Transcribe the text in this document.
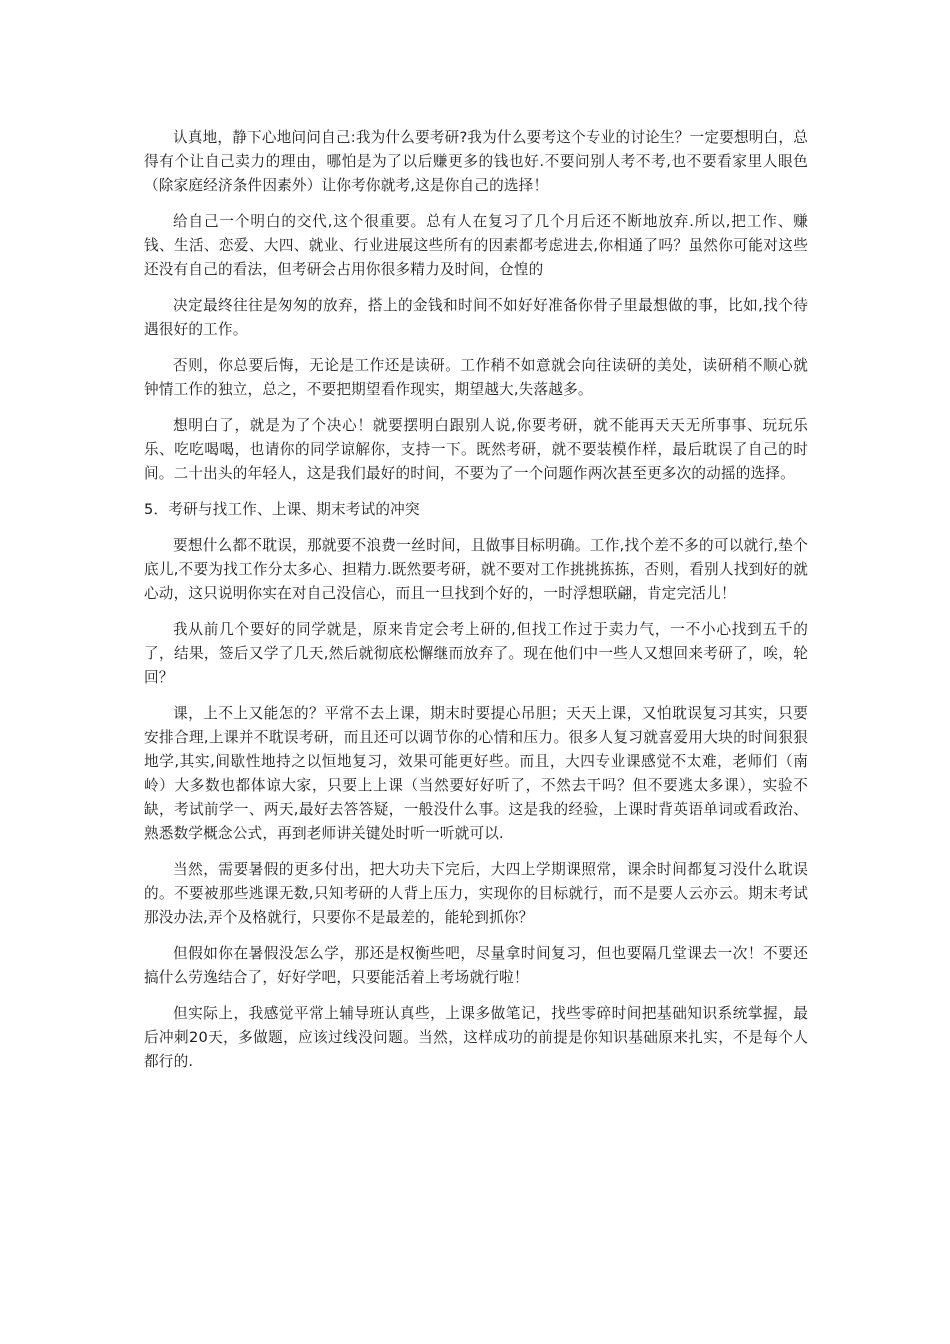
认真地，静下心地问问自己:我为什么要考研?我为什么要考这个专业的讨论生？一定要想明白，总得有个让自己卖力的理由，哪怕是为了以后赚更多的钱也好.不要问别人考不考,也不要看家里人眼色（除家庭经济条件因素外）让你考你就考,这是你自己的选择！

给自己一个明白的交代,这个很重要。总有人在复习了几个月后还不断地放弃.所以,把工作、赚钱、生活、恋爱、大四、就业、行业进展这些所有的因素都考虑进去,你相通了吗？虽然你可能对这些还没有自己的看法，但考研会占用你很多精力及时间，仓惶的

决定最终往往是匆匆的放弃，搭上的金钱和时间不如好好准备你骨子里最想做的事，比如,找个待遇很好的工作。

否则，你总要后悔，无论是工作还是读研。工作稍不如意就会向往读研的美处，读研稍不顺心就钟情工作的独立，总之，不要把期望看作现实，期望越大,失落越多。

想明白了，就是为了个决心！就要摆明白跟别人说,你要考研，就不能再天天无所事事、玩玩乐乐、吃吃喝喝，也请你的同学谅解你，支持一下。既然考研，就不要装模作样，最后耽误了自己的时间。二十出头的年轻人，这是我们最好的时间，不要为了一个问题作两次甚至更多次的动摇的选择。

5．考研与找工作、上课、期末考试的冲突

要想什么都不耽误，那就要不浪费一丝时间，且做事目标明确。工作,找个差不多的可以就行,垫个底儿,不要为找工作分太多心、担精力.既然要考研，就不要对工作挑挑拣拣，否则，看别人找到好的就心动，这只说明你实在对自己没信心，而且一旦找到个好的，一时浮想联翩，肯定完活儿！

我从前几个要好的同学就是，原来肯定会考上研的,但找工作过于卖力气，一不小心找到五千的了，结果，签后又学了几天,然后就彻底松懈继而放弃了。现在他们中一些人又想回来考研了，唉，轮回？

课，上不上又能怎的？平常不去上课，期末时要提心吊胆；天天上课，又怕耽误复习其实，只要安排合理,上课并不耽误考研，而且还可以调节你的心情和压力。很多人复习就喜爱用大块的时间狠狠地学,其实,间歇性地持之以恒地复习，效果可能更好些。而且，大四专业课感觉不太难，老师们（南岭）大多数也都体谅大家，只要上上课（当然要好好听了，不然去干吗？但不要逃太多课），实验不缺，考试前学一、两天,最好去答答疑，一般没什么事。这是我的经验，上课时背英语单词或看政治、熟悉数学概念公式，再到老师讲关键处时听一听就可以.

当然，需要暑假的更多付出，把大功夫下完后，大四上学期课照常，课余时间都复习没什么耽误的。不要被那些逃课无数,只知考研的人背上压力，实现你的目标就行，而不是要人云亦云。期末考试那没办法,弄个及格就行，只要你不是最差的，能轮到抓你？

但假如你在暑假没怎么学，那还是权衡些吧，尽量拿时间复习，但也要隔几堂课去一次！不要还搞什么劳逸结合了，好好学吧，只要能活着上考场就行啦！

但实际上，我感觉平常上辅导班认真些，上课多做笔记，找些零碎时间把基础知识系统掌握，最后冲刺20天，多做题，应该过线没问题。当然，这样成功的前提是你知识基础原来扎实，不是每个人都行的.
